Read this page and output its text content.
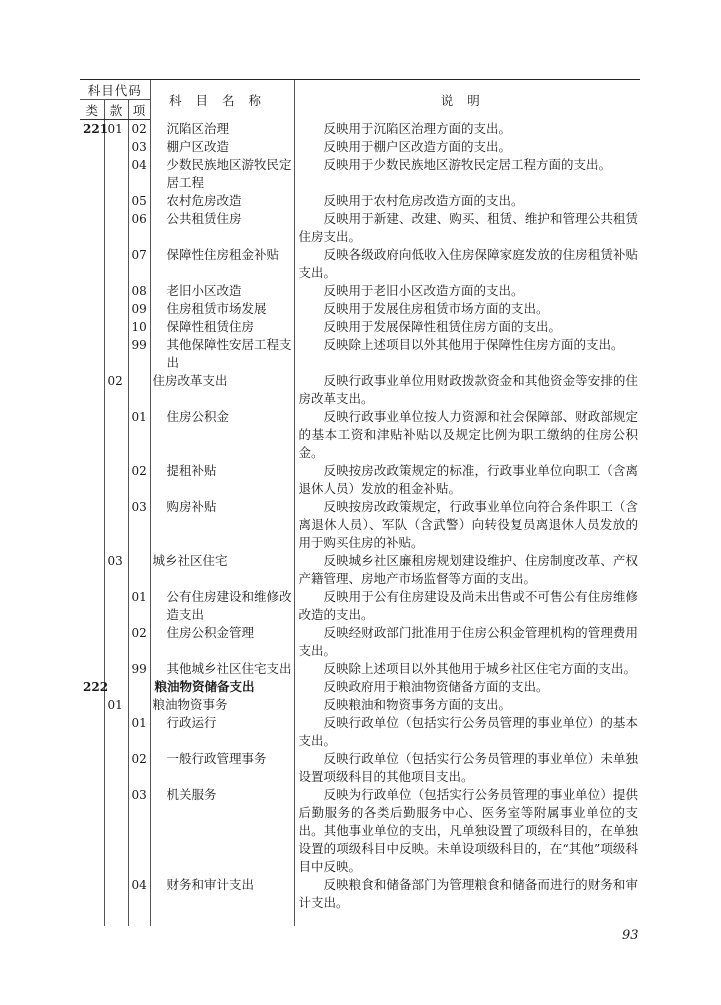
科目代码			科目名称	说明
类	款	项		
221	01	02	沉陷区治理	反映用于沉陷区治理方面的支出。
		03	棚户区改造	反映用于棚户区改造方面的支出。
		04	少数民族地区游牧民定居工程	反映用于少数民族地区游牧民定居工程方面的支出。
		05	农村危房改造	反映用于农村危房改造方面的支出。
		06	公共租赁住房	反映用于新建、改建、购买、租赁、维护和管理公共租赁住房支出。
		07	保障性住房租金补贴	反映各级政府向低收入住房保障家庭发放的住房租赁补贴支出。
		08	老旧小区改造	反映用于老旧小区改造方面的支出。
		09	住房租赁市场发展	反映用于发展住房租赁市场方面的支出。
		10	保障性租赁住房	反映用于发展保障性租赁住房方面的支出。
		99	其他保障性安居工程支出	反映除上述项目以外其他用于保障性住房方面的支出。
	02		住房改革支出	反映行政事业单位用财政拨款资金和其他资金等安排的住房改革支出。
		01	住房公积金	反映行政事业单位按人力资源和社会保障部、财政部规定的基本工资和津贴补贴以及规定比例为职工缴纳的住房公积金。
		02	提租补贴	反映按房改政策规定的标准，行政事业单位向职工（含离退休人员）发放的租金补贴。
		03	购房补贴	反映按房改政策规定，行政事业单位向符合条件职工（含离退休人员）、军队（含武警）向转役复员离退休人员发放的用于购买住房的补贴。
	03		城乡社区住宅	反映城乡社区廉租房规划建设维护、住房制度改革、产权产籍管理、房地产市场监督等方面的支出。
		01	公有住房建设和维修改造支出	反映用于公有住房建设及尚未出售或不可售公有住房维修改造的支出。
		02	住房公积金管理	反映经财政部门批准用于住房公积金管理机构的管理费用支出。
		99	其他城乡社区住宅支出	反映除上述项目以外其他用于城乡社区住宅方面的支出。
222			粮油物资储备支出	反映政府用于粮油物资储备方面的支出。
	01		粮油物资事务	反映粮油和物资事务方面的支出。
		01	行政运行	反映行政单位（包括实行公务员管理的事业单位）的基本支出。
		02	一般行政管理事务	反映行政单位（包括实行公务员管理的事业单位）未单独设置项级科目的其他项目支出。
		03	机关服务	反映为行政单位（包括实行公务员管理的事业单位）提供后勤服务的各类后勤服务中心、医务室等附属事业单位的支出。其他事业单位的支出，凡单独设置了项级科目的，在单独设置的项级科目中反映。未单设项级科目的，在“其他”项级科目中反映。
		04	财务和审计支出	反映粮食和储备部门为管理粮食和储备而进行的财务和审计支出。
93
